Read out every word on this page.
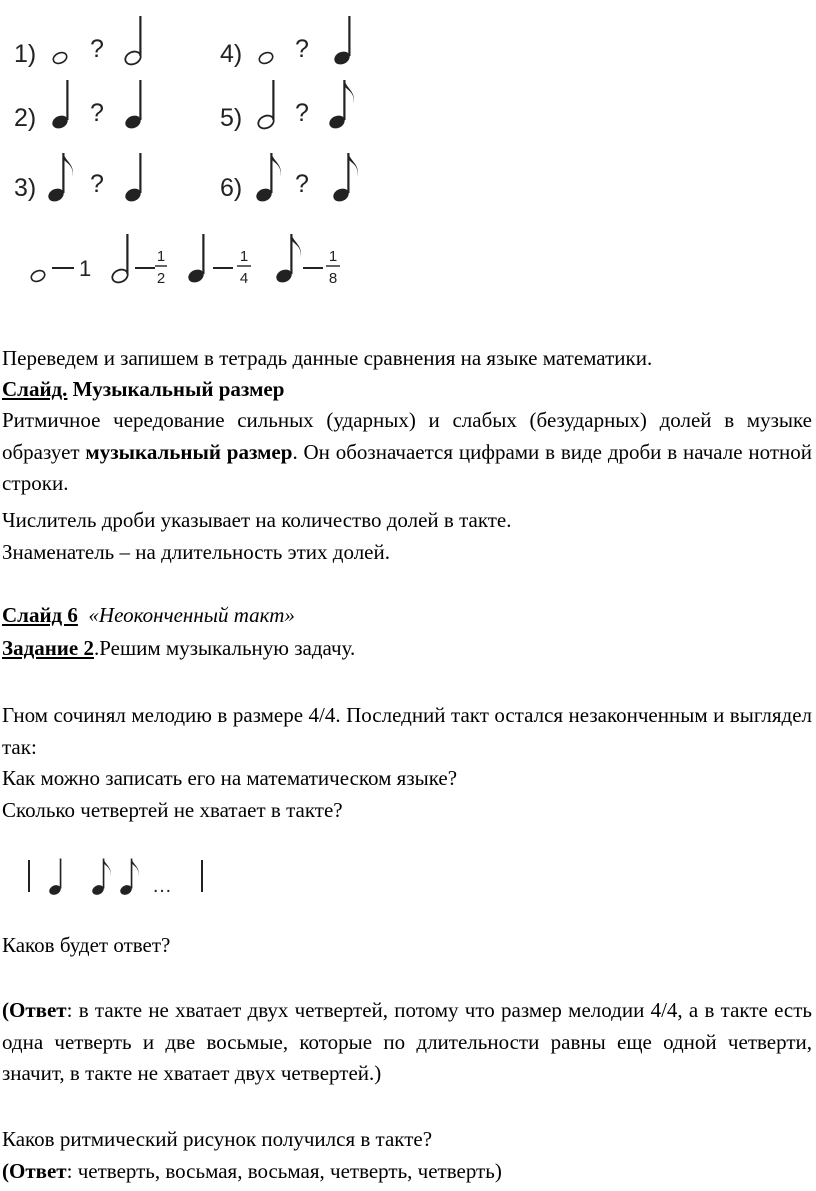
1) ?	4) ?
2) ?	5) ?
3) ?	6) ?
1	1
2
1
4
1
8
Переведем и запишем в тетрадь данные сравнения на языке математики.
Слайд. Музыкальный размер
Ритмичное чередование сильных (ударных) и слабых (безударных) долей в музыке образует музыкальный размер. Он обозначается цифрами в виде дроби в начале нотной строки.
Числитель дроби указывает на количество долей в такте.
Знаменатель – на длительность этих долей.
Слайд 6 «Неоконченный такт»
Задание 2.Решим музыкальную задачу.
Гном сочинял мелодию в размере 4/4. Последний такт остался незаконченным и выглядел так:
Как можно записать его на математическом языке?
Сколько четвертей не хватает в такте?
…
Каков будет ответ?
(Ответ: в такте не хватает двух четвертей, потому что размер мелодии 4/4, а в такте есть одна четверть и две восьмые, которые по длительности равны еще одной четверти, значит, в такте не хватает двух четвертей.)
Каков ритмический рисунок получился в такте?
(Ответ: четверть, восьмая, восьмая, четверть, четверть)
